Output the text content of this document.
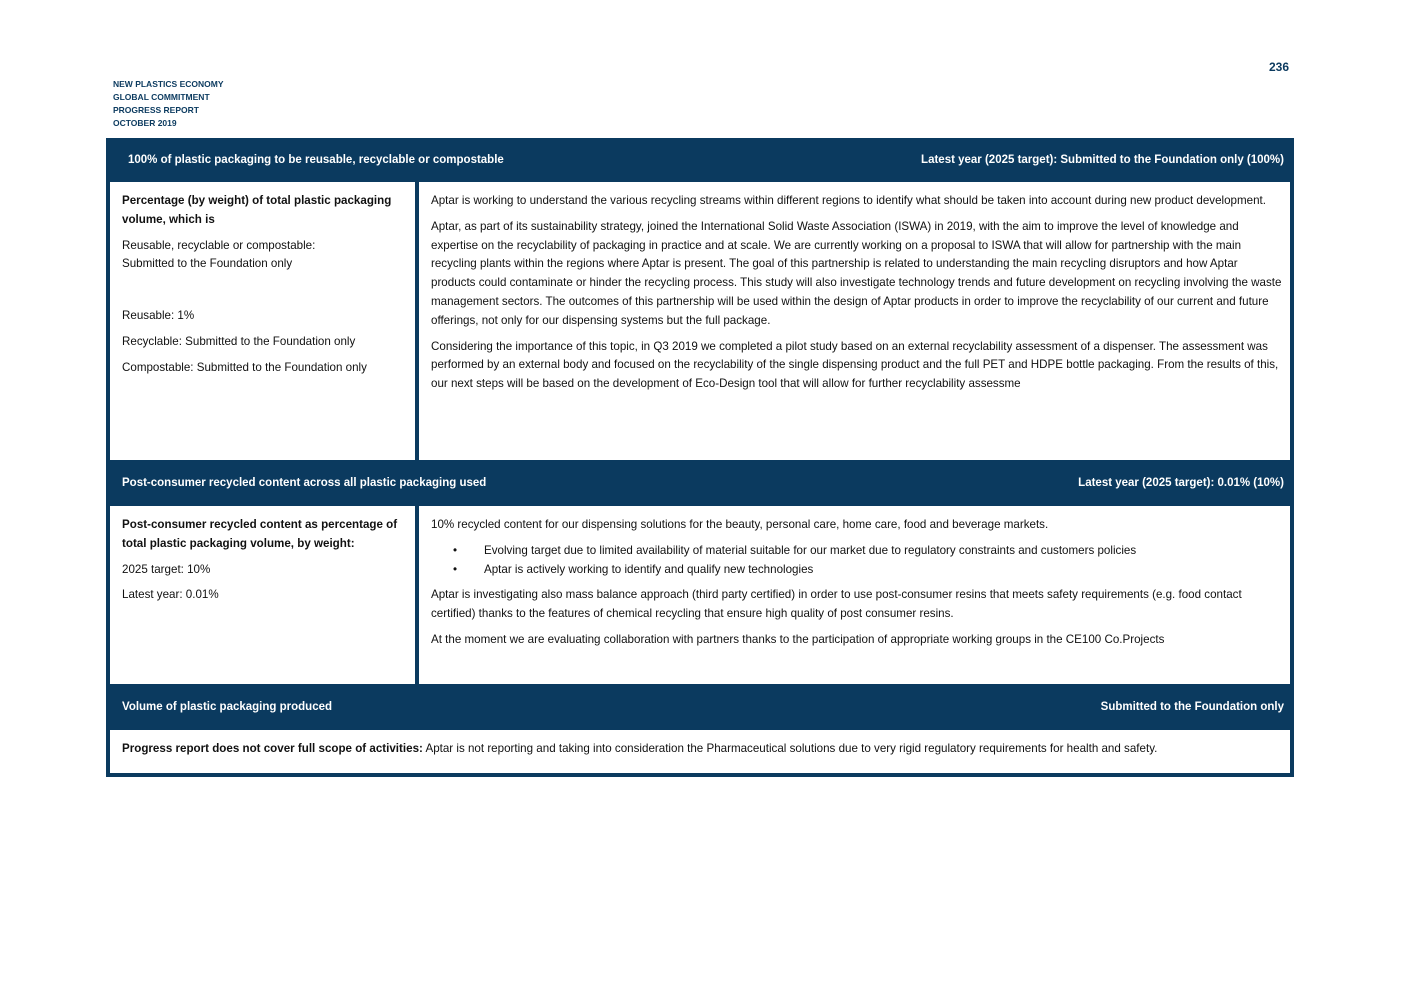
236
NEW PLASTICS ECONOMY
GLOBAL COMMITMENT
PROGRESS REPORT
OCTOBER 2019
100% of plastic packaging to be reusable, recyclable or compostable	Latest year (2025 target): Submitted to the Foundation only (100%)

Percentage (by weight) of total plastic packaging volume, which is

Reusable, recyclable or compostable:
Submitted to the Foundation only

Reusable: 1%

Recyclable: Submitted to the Foundation only

Compostable: Submitted to the Foundation only

Aptar is working to understand the various recycling streams within different regions to identify what should be taken into account during new product development.

Aptar, as part of its sustainability strategy, joined the International Solid Waste Association (ISWA) in 2019, with the aim to improve the level of knowledge and expertise on the recyclability of packaging in practice and at scale. We are currently working on a proposal to ISWA that will allow for partnership with the main recycling plants within the regions where Aptar is present. The goal of this partnership is related to understanding the main recycling disruptors and how Aptar products could contaminate or hinder the recycling process. This study will also investigate technology trends and future development on recycling involving the waste management sectors. The outcomes of this partnership will be used within the design of Aptar products in order to improve the recyclability of our current and future offerings, not only for our dispensing systems but the full package.

Considering the importance of this topic, in Q3 2019 we completed a pilot study based on an external recyclability assessment of a dispenser. The assessment was performed by an external body and focused on the recyclability of the single dispensing product and the full PET and HDPE bottle packaging. From the results of this, our next steps will be based on the development of Eco-Design tool that will allow for further recyclability assessme

Post-consumer recycled content across all plastic packaging used	Latest year (2025 target): 0.01% (10%)

Post-consumer recycled content as percentage of total plastic packaging volume, by weight:

2025 target: 10%

Latest year: 0.01%

10% recycled content for our dispensing solutions for the beauty, personal care, home care, food and beverage markets.

• Evolving target due to limited availability of material suitable for our market due to regulatory constraints and customers policies
• Aptar is actively working to identify and qualify new technologies

Aptar is investigating also mass balance approach (third party certified) in order to use post-consumer resins that meets safety requirements (e.g. food contact certified) thanks to the features of chemical recycling that ensure high quality of post consumer resins.

At the moment we are evaluating collaboration with partners thanks to the participation of appropriate working groups in the CE100 Co.Projects

Volume of plastic packaging produced	Submitted to the Foundation only
Progress report does not cover full scope of activities: Aptar is not reporting and taking into consideration the Pharmaceutical solutions due to very rigid regulatory requirements for health and safety.
